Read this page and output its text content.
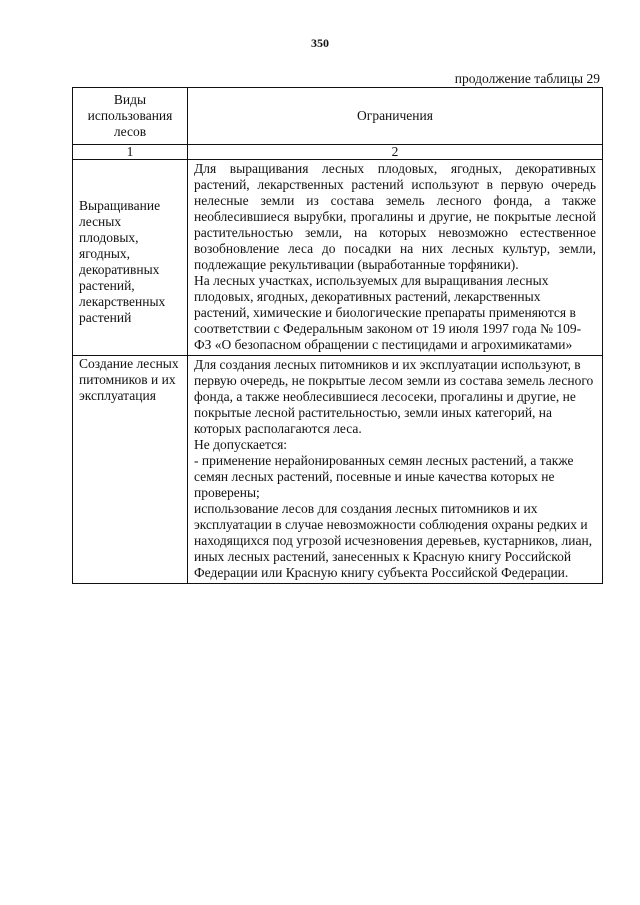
350
продолжение таблицы 29
Виды использования лесов	Ограничения
1	2
Выращивание лесных плодовых, ягодных, декоративных растений, лекарственных растений	Для выращивания лесных плодовых, ягодных, декоративных растений, лекарственных растений используют в первую очередь нелесные земли из состава земель лесного фонда, а также необлесившиеся вырубки, прогалины и другие, не покрытые лесной растительностью земли, на которых невозможно естественное возобновление леса до посадки на них лесных культур, земли, подлежащие рекультивации (выработанные торфяники).

На лесных участках, используемых для выращивания лесных плодовых, ягодных, декоративных растений, лекарственных растений, химические и биологические препараты применяются в соответствии с Федеральным законом от 19 июля 1997 года № 109-ФЗ «О безопасном обращении с пестицидами и агрохимикатами»

Создание лесных питомников и их эксплуатация	Для создания лесных питомников и их эксплуатации используют, в первую очередь, не покрытые лесом земли из состава земель лесного фонда, а также необлесившиеся лесосеки, прогалины и другие, не покрытые лесной растительностью, земли иных категорий, на которых располагаются леса.

Не допускается:

- применение нерайонированных семян лесных растений, а также семян лесных растений, посевные и иные качества которых не проверены;

использование лесов для создания лесных питомников и их эксплуатации в случае невозможности соблюдения охраны редких и находящихся под угрозой исчезновения деревьев, кустарников, лиан, иных лесных растений, занесенных к Красную книгу Российской Федерации или Красную книгу субъекта Российской Федерации.
